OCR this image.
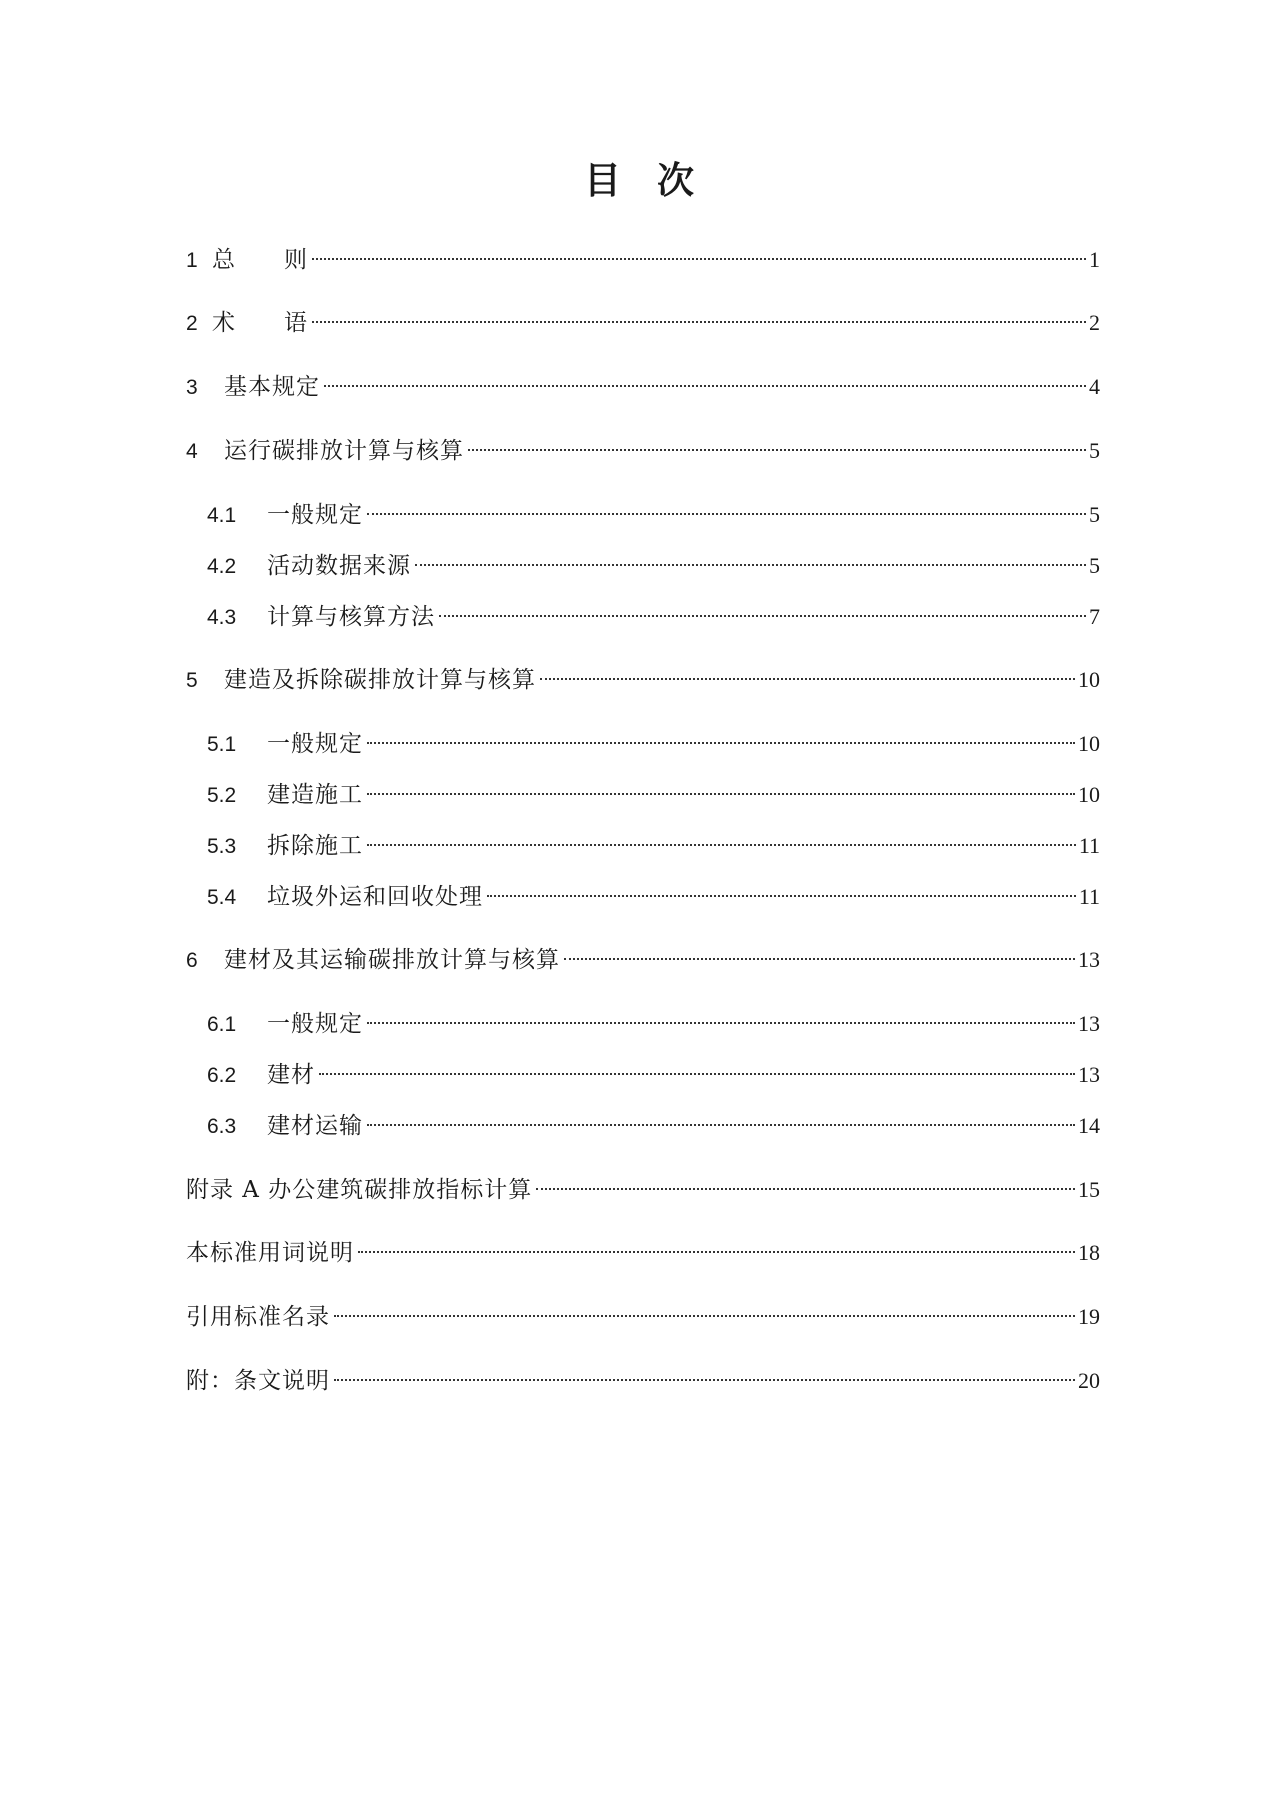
目 次
1 总　　则	1
2 术　　语	2
3	基本规定	4
4	运行碳排放计算与核算	5
4.1	一般规定	5
4.2	活动数据来源	5
4.3	计算与核算方法	7
5	建造及拆除碳排放计算与核算	10
5.1	一般规定	10
5.2	建造施工	10
5.3	拆除施工	11
5.4	垃圾外运和回收处理	11
6	建材及其运输碳排放计算与核算	13
6.1	一般规定	13
6.2	建材	13
6.3	建材运输	14
附录 A 办公建筑碳排放指标计算	15
本标准用词说明	18
引用标准名录	19
附：条文说明	20
